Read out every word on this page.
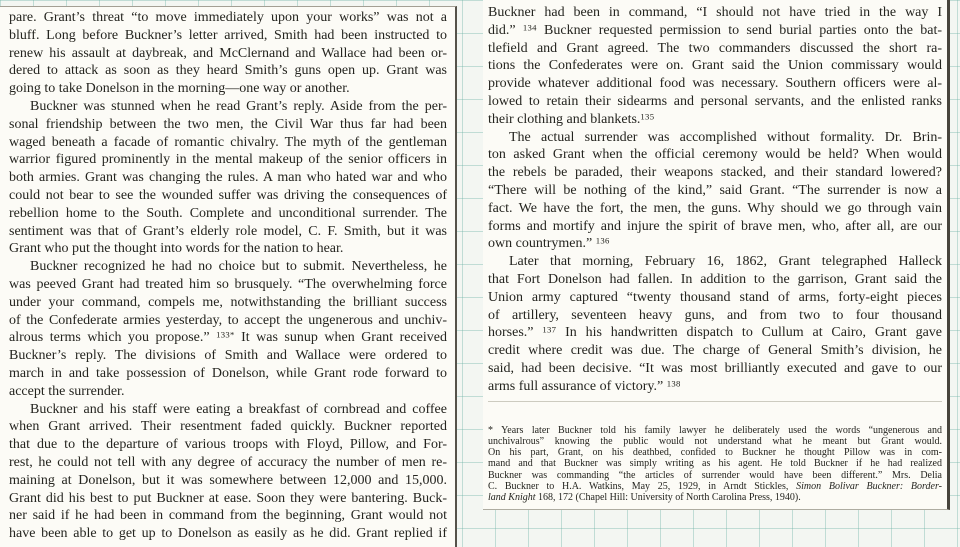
pare. Grant’s threat “to move immediately upon your works” was not a
bluff. Long before Buckner’s letter arrived, Smith had been instructed to
renew his assault at daybreak, and McClernand and Wallace had been or-
dered to attack as soon as they heard Smith’s guns open up. Grant was
going to take Donelson in the morning—one way or another.
Buckner was stunned when he read Grant’s reply. Aside from the per-
sonal friendship between the two men, the Civil War thus far had been
waged beneath a facade of romantic chivalry. The myth of the gentleman
warrior figured prominently in the mental makeup of the senior officers in
both armies. Grant was changing the rules. A man who hated war and who
could not bear to see the wounded suffer was driving the consequences of
rebellion home to the South. Complete and unconditional surrender. The
sentiment was that of Grant’s elderly role model, C. F. Smith, but it was
Grant who put the thought into words for the nation to hear.
Buckner recognized he had no choice but to submit. Nevertheless, he
was peeved Grant had treated him so brusquely. “The overwhelming force
under your command, compels me, notwithstanding the brilliant success
of the Confederate armies yesterday, to accept the ungenerous and unchiv-
alrous terms which you propose.” $^{133*}$ It was sunup when Grant received
Buckner’s reply. The divisions of Smith and Wallace were ordered to
march in and take possession of Donelson, while Grant rode forward to
accept the surrender.
Buckner and his staff were eating a breakfast of cornbread and coffee
when Grant arrived. Their resentment faded quickly. Buckner reported
that due to the departure of various troops with Floyd, Pillow, and For-
rest, he could not tell with any degree of accuracy the number of men re-
maining at Donelson, but it was somewhere between 12,000 and 15,000.
Grant did his best to put Buckner at ease. Soon they were bantering. Buck-
ner said if he had been in command from the beginning, Grant would not
have been able to get up to Donelson as easily as he did. Grant replied if
Buckner had been in command, “I should not have tried in the way I
did.” $^{134}$ Buckner requested permission to send burial parties onto the bat-
tlefield and Grant agreed. The two commanders discussed the short ra-
tions the Confederates were on. Grant said the Union commissary would
provide whatever additional food was necessary. Southern officers were al-
lowed to retain their sidearms and personal servants, and the enlisted ranks
their clothing and blankets.$^{135}$
The actual surrender was accomplished without formality. Dr. Brin-
ton asked Grant when the official ceremony would be held? When would
the rebels be paraded, their weapons stacked, and their standard lowered?
“There will be nothing of the kind,” said Grant. “The surrender is now a
fact. We have the fort, the men, the guns. Why should we go through vain
forms and mortify and injure the spirit of brave men, who, after all, are our
own countrymen.” $^{136}$
Later that morning, February 16, 1862, Grant telegraphed Halleck
that Fort Donelson had fallen. In addition to the garrison, Grant said the
Union army captured “twenty thousand stand of arms, forty-eight pieces
of artillery, seventeen heavy guns, and from two to four thousand
horses.” $^{137}$ In his handwritten dispatch to Cullum at Cairo, Grant gave
credit where credit was due. The charge of General Smith’s division, he
said, had been decisive. “It was most brilliantly executed and gave to our
arms full assurance of victory.” $^{138}$
* Years later Buckner told his family lawyer he deliberately used the words “ungenerous and
unchivalrous” knowing the public would not understand what he meant but Grant would.
On his part, Grant, on his deathbed, confided to Buckner he thought Pillow was in com-
mand and that Buckner was simply writing as his agent. He told Buckner if he had realized
Buckner was commanding “the articles of surrender would have been different.” Mrs. Delia
C. Buckner to H.A. Watkins, May 25, 1929, in Arndt Stickles, Simon Bolivar Buckner: Border-
land Knight 168, 172 (Chapel Hill: University of North Carolina Press, 1940).
